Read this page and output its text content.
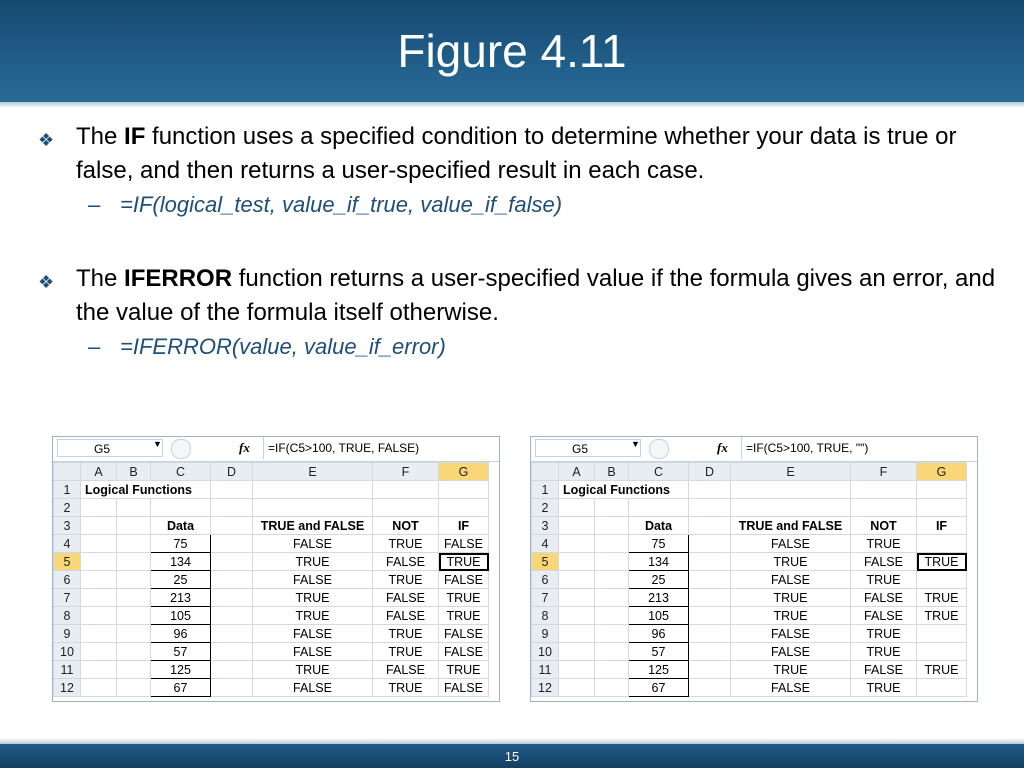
Figure 4.11

❖ The IF function uses a specified condition to determine whether your data is true or false, and then returns a user-specified result in each case.

– =IF(logical_test, value_if_true, value_if_false)

❖ The IFERROR function returns a user-specified value if the formula gives an error, and the value of the formula itself otherwise.

– =IFERROR(value, value_if_error)

G5	▼	fx	=IF(C5>100, TRUE, FALSE)
	A	B	C	D	E	F	G
1	Logical Functions						
2							
3			Data		TRUE and FALSE	NOT	IF
4			75		FALSE	TRUE	FALSE
5			134		TRUE	FALSE	TRUE
6			25		FALSE	TRUE	FALSE
7			213		TRUE	FALSE	TRUE
8			105		TRUE	FALSE	TRUE
9			96		FALSE	TRUE	FALSE
10			57		FALSE	TRUE	FALSE
11			125		TRUE	FALSE	TRUE
12			67		FALSE	TRUE	FALSE
G5	▼	fx	=IF(C5>100, TRUE, "")
	A	B	C	D	E	F	G
1	Logical Functions						
2							
3			Data		TRUE and FALSE	NOT	IF
4			75		FALSE	TRUE	
5			134		TRUE	FALSE	TRUE
6			25		FALSE	TRUE	
7			213		TRUE	FALSE	TRUE
8			105		TRUE	FALSE	TRUE
9			96		FALSE	TRUE	
10			57		FALSE	TRUE	
11			125		TRUE	FALSE	TRUE
12			67		FALSE	TRUE	
15
